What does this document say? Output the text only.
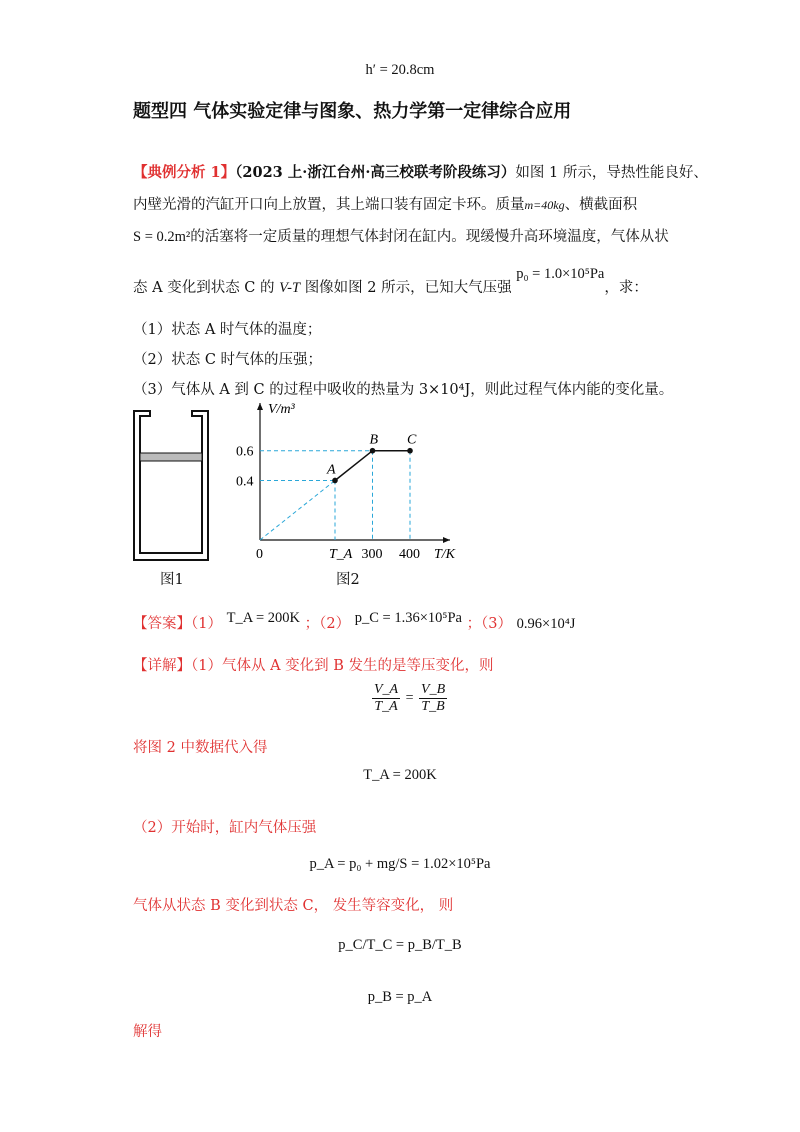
h′ = 20.8cm
题型四 气体实验定律与图象、热力学第一定律综合应用
【典例分析 1】（2023 上·浙江台州·高三校联考阶段练习）如图 1 所示，导热性能良好、
内壁光滑的汽缸开口向上放置，其上端口装有固定卡环。质量m=40kg、横截面积
S = 0.2m²的活塞将一定质量的理想气体封闭在缸内。现缓慢升高环境温度，气体从状
态 A 变化到状态 C 的 V-T 图像如图 2 所示，已知大气压强 p₀ = 1.0×10⁵Pa，求：
（1）状态 A 时气体的温度；
（2）状态 C 时气体的压强；
（3）气体从 A 到 C 的过程中吸收的热量为 3×10⁴J，则此过程气体内能的变化量。
图1
V/m³
T/K
0
A
B C
0.6
0.4
T_A 300 400
图2
【答案】（1） T_A = 200K ；（2） p_C = 1.36×10⁵Pa ；（3） 0.96×10⁴J
【详解】（1）气体从 A 变化到 B 发生的是等压变化，则
$\frac{V\_A}{T\_A} = \frac{V\_B}{T\_B}$
将图 2 中数据代入得
T_A = 200K
（2）开始时，缸内气体压强
p_A = p₀ + mg/S = 1.02×10⁵Pa
气体从状态 B 变化到状态 C， 发生等容变化， 则
p_C/T_C = p_B/T_B
p_B = p_A
解得
